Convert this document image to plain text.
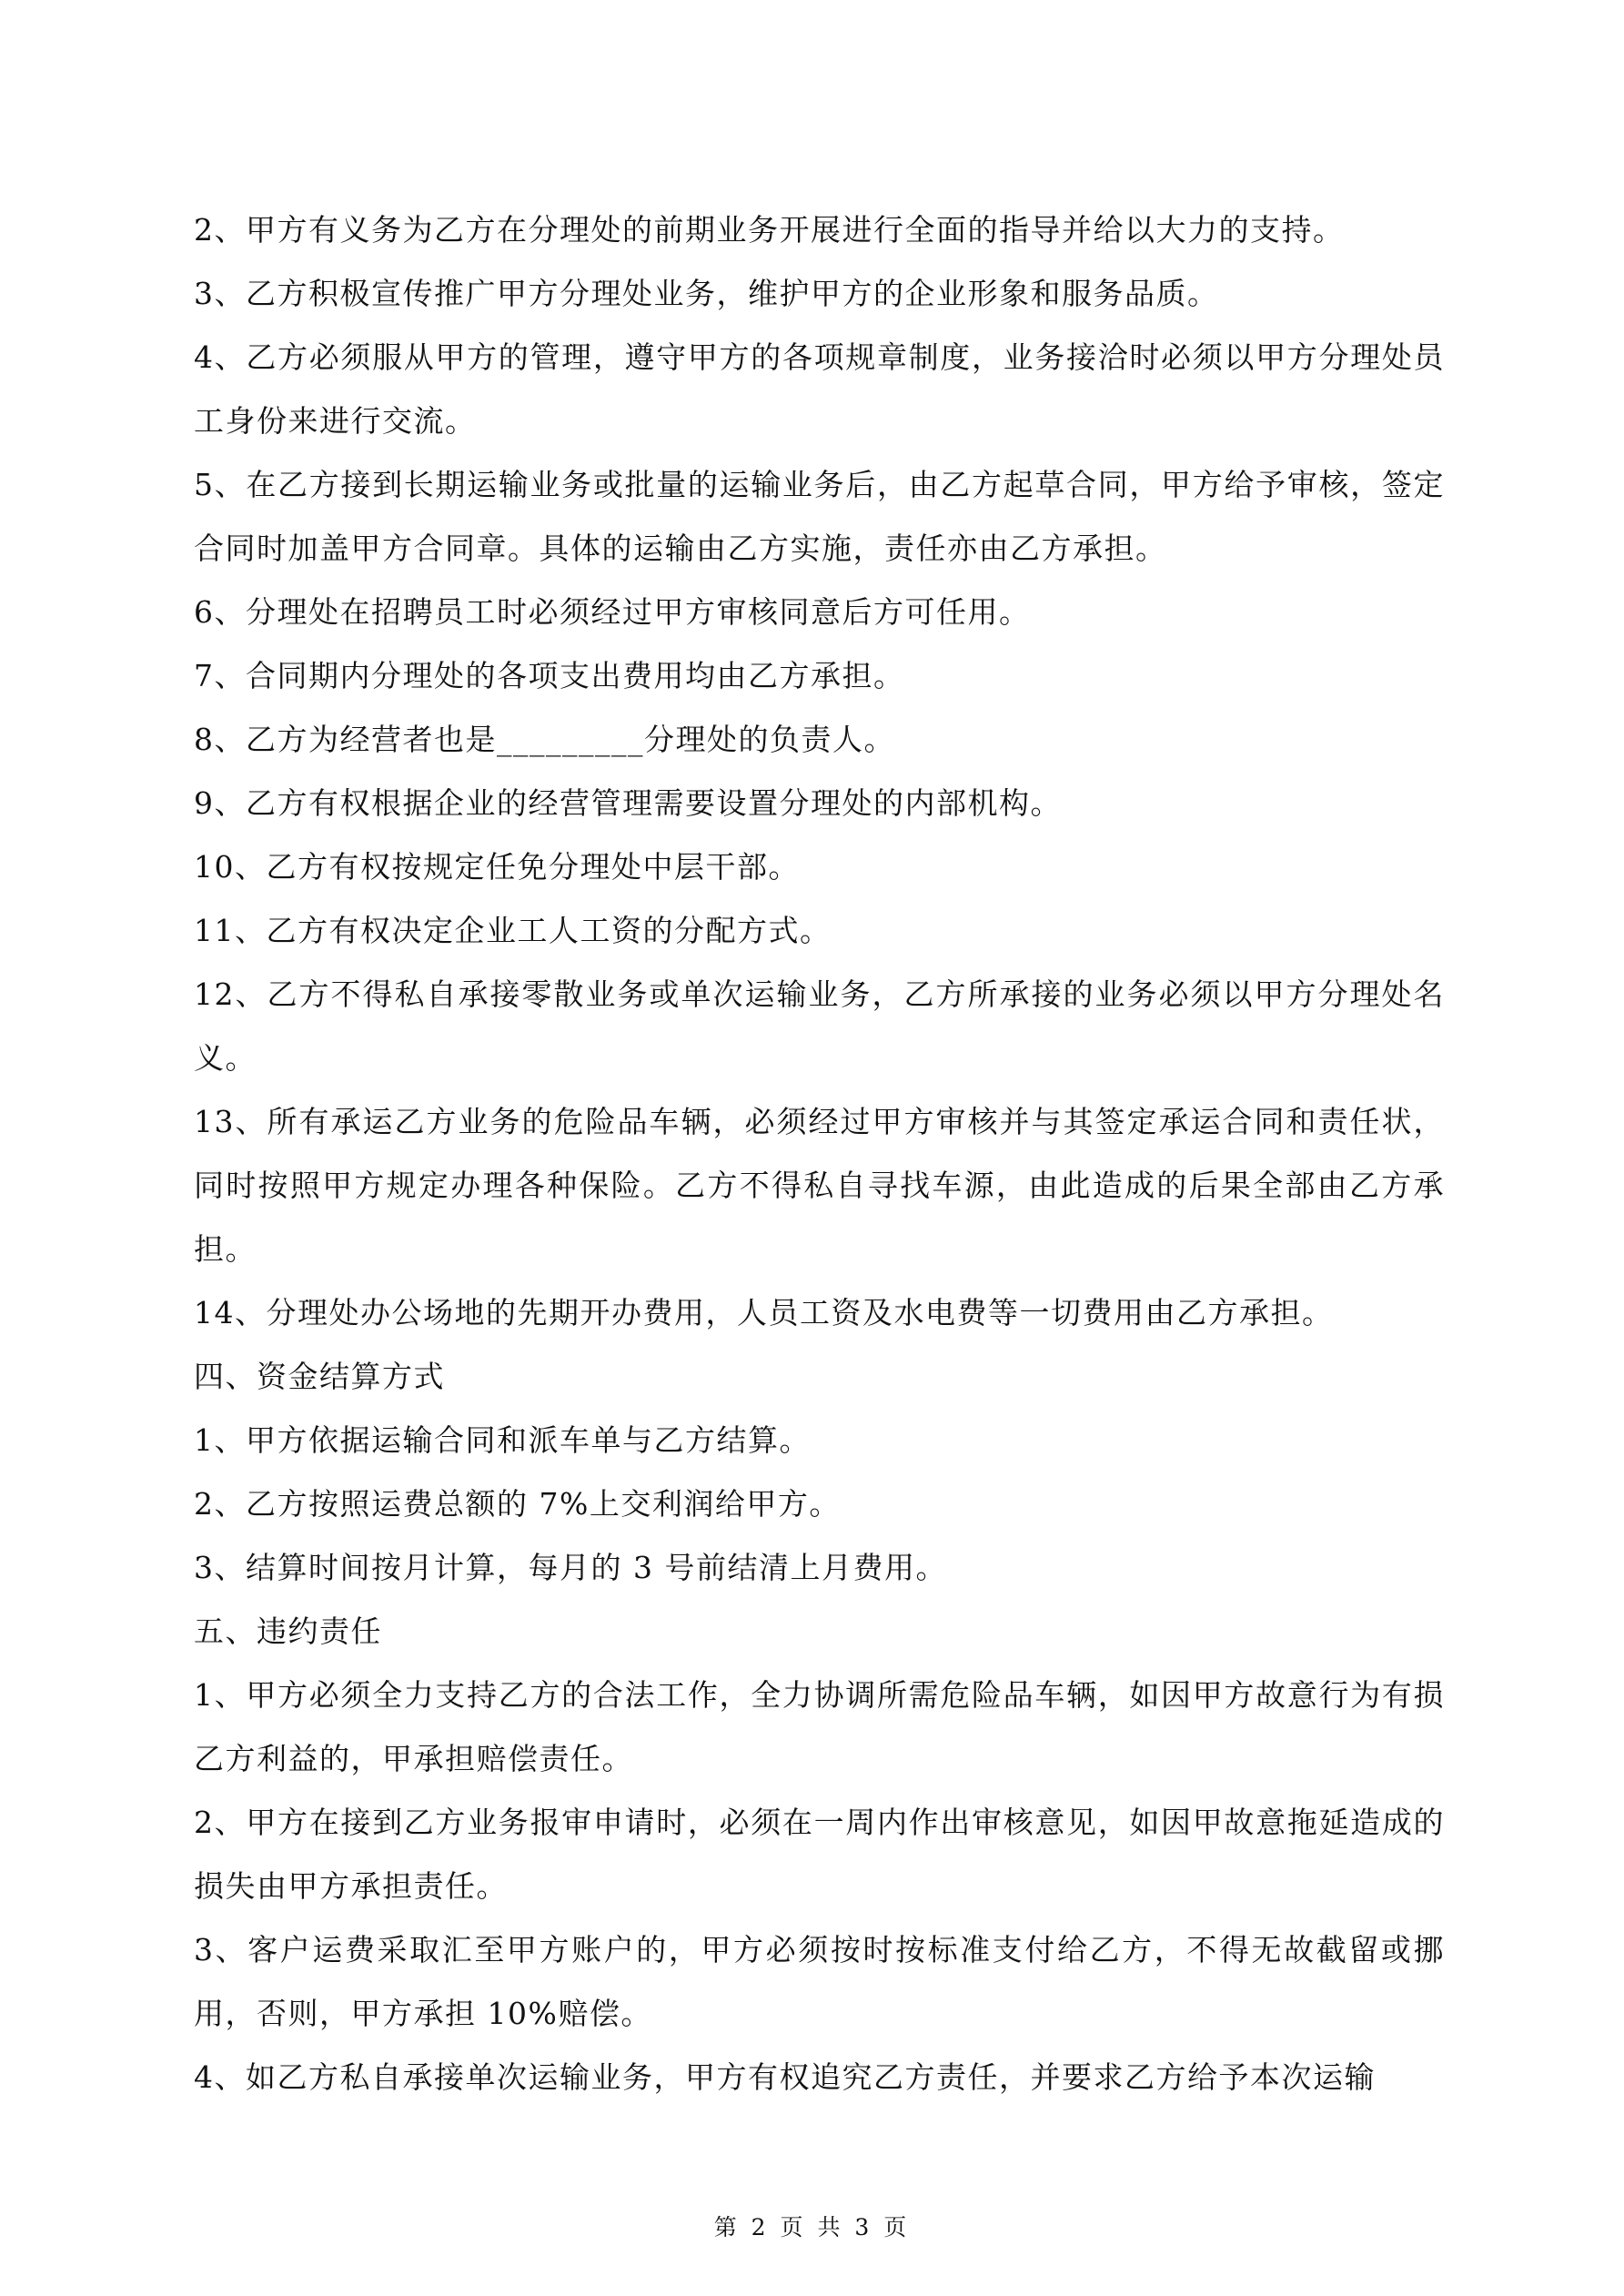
2、甲方有义务为乙方在分理处的前期业务开展进行全面的指导并给以大力的支持。

3、乙方积极宣传推广甲方分理处业务，维护甲方的企业形象和服务品质。

4、乙方必须服从甲方的管理，遵守甲方的各项规章制度，业务接洽时必须以甲方分理处员工身份来进行交流。

5、在乙方接到长期运输业务或批量的运输业务后，由乙方起草合同，甲方给予审核，签定合同时加盖甲方合同章。具体的运输由乙方实施，责任亦由乙方承担。

6、分理处在招聘员工时必须经过甲方审核同意后方可任用。

7、合同期内分理处的各项支出费用均由乙方承担。

8、乙方为经营者也是_________分理处的负责人。

9、乙方有权根据企业的经营管理需要设置分理处的内部机构。

10、乙方有权按规定任免分理处中层干部。

11、乙方有权决定企业工人工资的分配方式。

12、乙方不得私自承接零散业务或单次运输业务，乙方所承接的业务必须以甲方分理处名义。

13、所有承运乙方业务的危险品车辆，必须经过甲方审核并与其签定承运合同和责任状，同时按照甲方规定办理各种保险。乙方不得私自寻找车源，由此造成的后果全部由乙方承担。

14、分理处办公场地的先期开办费用，人员工资及水电费等一切费用由乙方承担。

四、资金结算方式

1、甲方依据运输合同和派车单与乙方结算。

2、乙方按照运费总额的 7%上交利润给甲方。

3、结算时间按月计算，每月的 3 号前结清上月费用。

五、违约责任

1、甲方必须全力支持乙方的合法工作，全力协调所需危险品车辆，如因甲方故意行为有损乙方利益的，甲承担赔偿责任。

2、甲方在接到乙方业务报审申请时，必须在一周内作出审核意见，如因甲故意拖延造成的损失由甲方承担责任。

3、客户运费采取汇至甲方账户的，甲方必须按时按标准支付给乙方，不得无故截留或挪用，否则，甲方承担 10%赔偿。

4、如乙方私自承接单次运输业务，甲方有权追究乙方责任，并要求乙方给予本次运输

第 2 页 共 3 页
